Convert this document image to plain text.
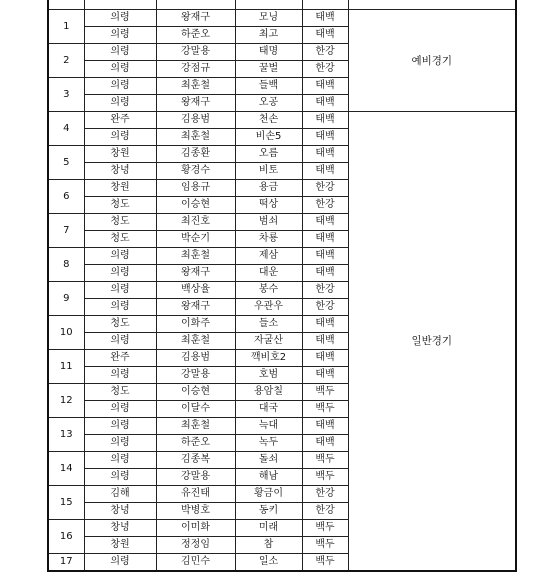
1	의령	왕재구	모닝	태백	예비경기
	의령	하준오	최고	태백	
2	의령	강말용	태명	한강	
	의령	강점규	꿀벌	한강	
3	의령	최훈철	들백	태백	
	의령	왕재구	오공	태백	
4	완주	김용범	천손	태백	일반경기
	의령	최훈철	비손5	태백	
5	창원	김종환	오름	태백	
	창녕	황경수	비토	태백	
6	창원	임용규	용금	한강	
	청도	이승현	떡상	한강	
7	청도	최진호	범쇠	태백	
	청도	박순기	차룡	태백	
8	의령	최훈철	제삼	태백	
	의령	왕재구	대운	태백	
9	의령	백상율	봉수	한강	
	의령	왕재구	우관우	한강	
10	청도	이화주	들소	태백	
	의령	최훈철	자굴산	태백	
11	완주	김용범	깩비호2	태백	
	의령	강말용	호범	태백	
12	청도	이승현	용암칠	백두	
	의령	이달수	대국	백두	
13	의령	최훈철	늑대	태백	
	의령	하준오	녹두	태백	
14	의령	김종복	돌쇠	백두	
	의령	강말용	해남	백두	
15	김해	유진태	황금이	한강	
	창녕	박병호	동키	한강	
16	창녕	이미화	미래	백두	
	창원	정정임	참	백두	
17	의령	김민수	일소	백두	
